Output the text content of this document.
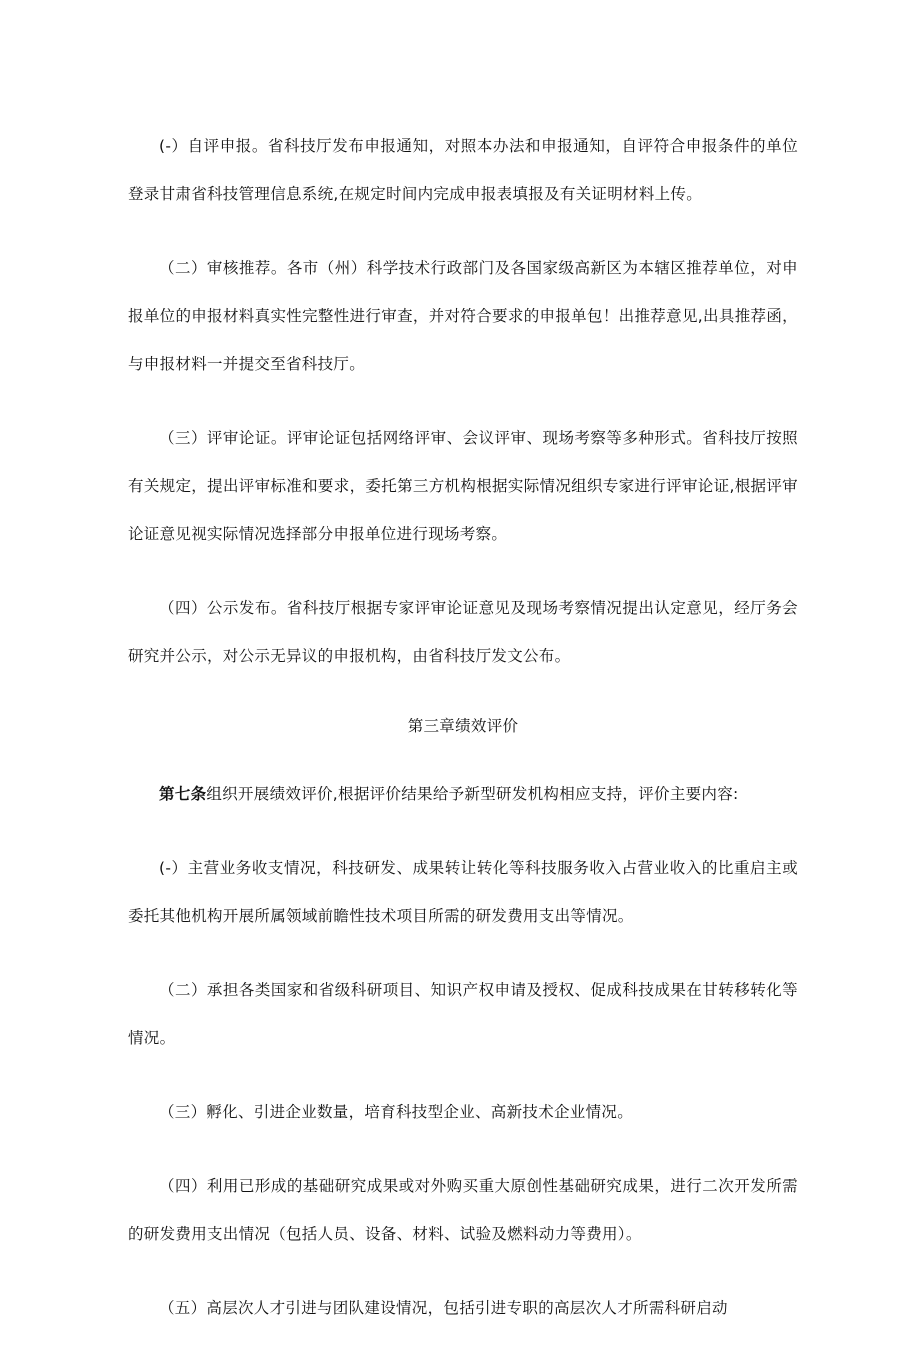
(-）自评申报。省科技厅发布申报通知，对照本办法和申报通知，自评符合申报条件的单位登录甘肃省科技管理信息系统,在规定时间内完成申报表填报及有关证明材料上传。

（二）审核推荐。各市（州）科学技术行政部门及各国家级高新区为本辖区推荐单位，对申报单位的申报材料真实性完整性进行审查，并对符合要求的申报单包！出推荐意见,出具推荐函，与申报材料一并提交至省科技厅。

（三）评审论证。评审论证包括网络评审、会议评审、现场考察等多种形式。省科技厅按照有关规定，提出评审标准和要求，委托第三方机构根据实际情况组织专家进行评审论证,根据评审论证意见视实际情况选择部分申报单位进行现场考察。

（四）公示发布。省科技厅根据专家评审论证意见及现场考察情况提出认定意见，经厅务会研究并公示，对公示无异议的申报机构，由省科技厅发文公布。

第三章绩效评价

第七条组织开展绩效评价,根据评价结果给予新型研发机构相应支持，评价主要内容:

(-）主营业务收支情况，科技研发、成果转让转化等科技服务收入占营业收入的比重启主或委托其他机构开展所属领域前瞻性技术项目所需的研发费用支出等情况。

（二）承担各类国家和省级科研项目、知识产权申请及授权、促成科技成果在甘转移转化等情况。

（三）孵化、引进企业数量，培育科技型企业、高新技术企业情况。

（四）利用已形成的基础研究成果或对外购买重大原创性基础研究成果，进行二次开发所需的研发费用支出情况（包括人员、设备、材料、试验及燃料动力等费用）。

（五）高层次人才引进与团队建设情况，包括引进专职的高层次人才所需科研启动
